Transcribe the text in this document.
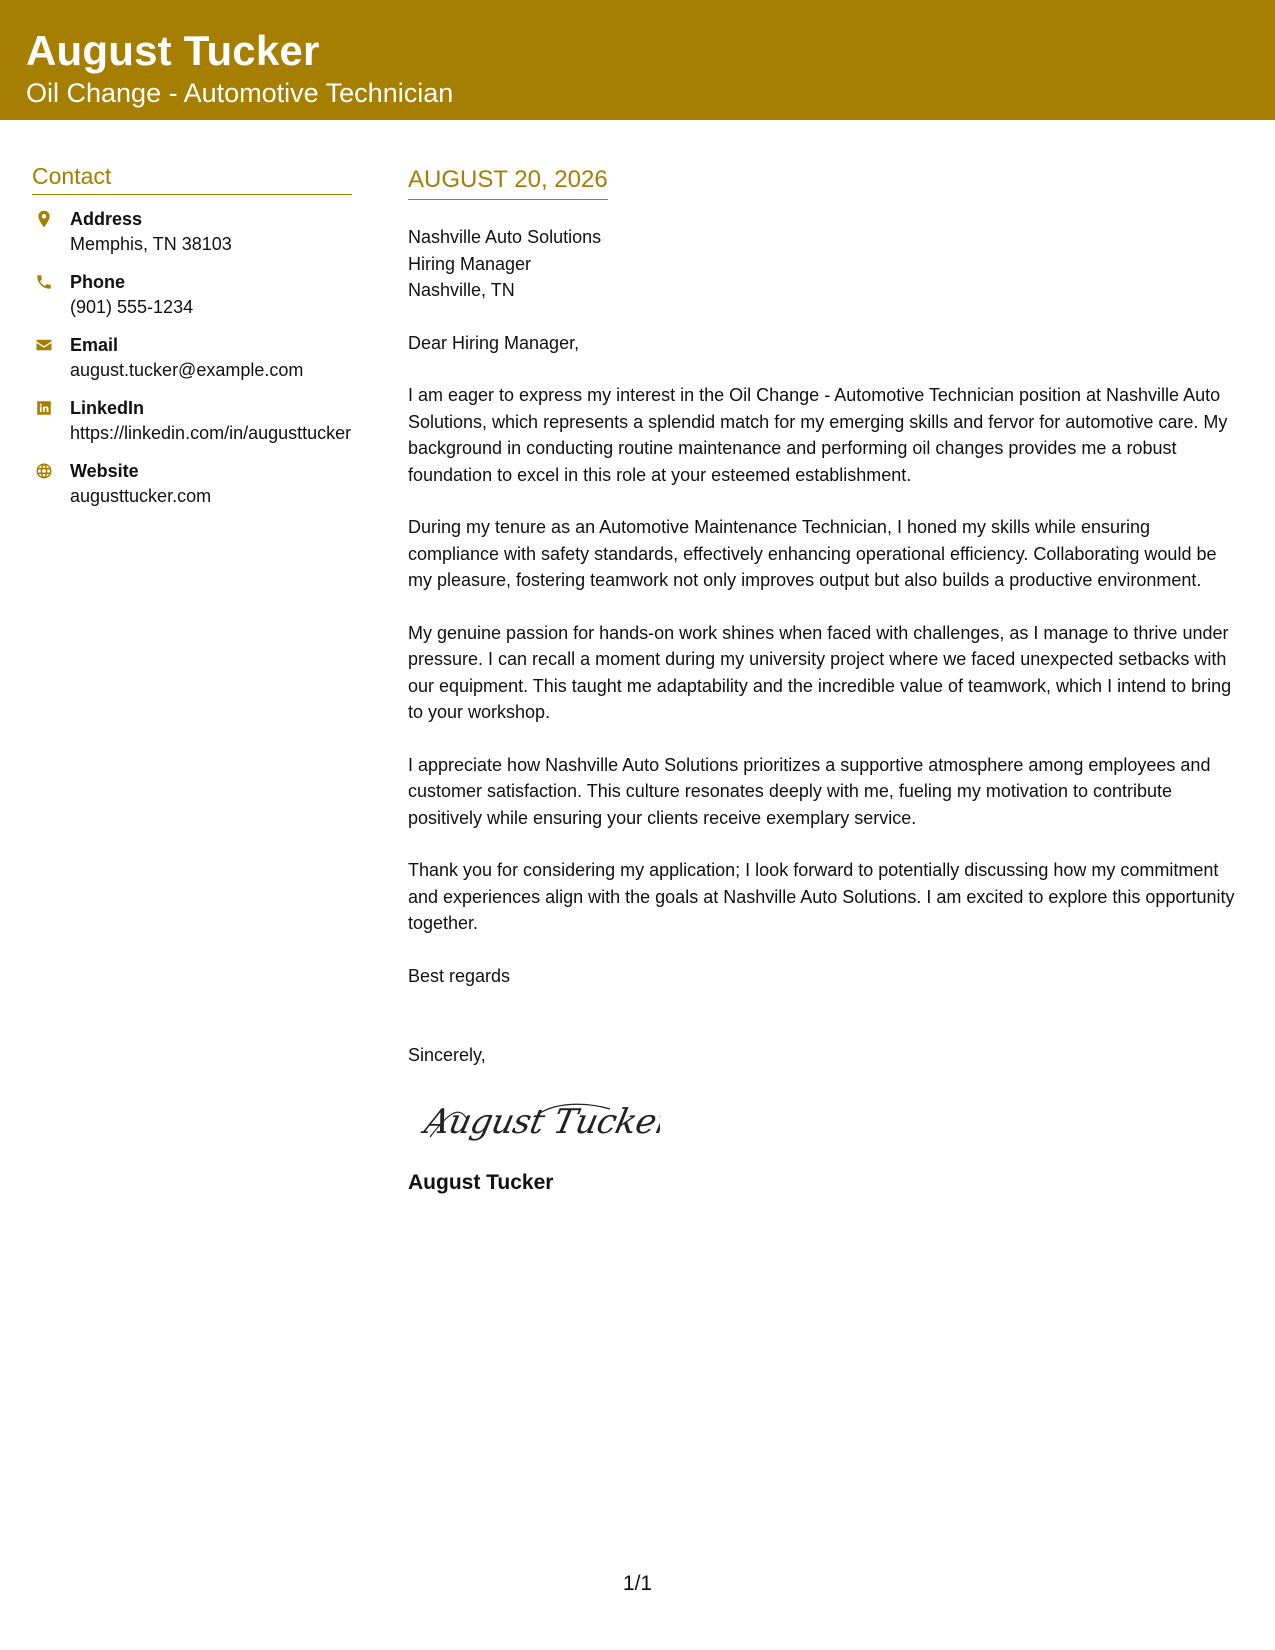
August Tucker
Oil Change - Automotive Technician
Contact
Address
Memphis, TN 38103
Phone
(901) 555-1234
Email
august.tucker@example.com
LinkedIn
https://linkedin.com/in/augusttucker
Website
augusttucker.com
AUGUST 20, 2026
Nashville Auto Solutions
Hiring Manager
Nashville, TN
Dear Hiring Manager,
I am eager to express my interest in the Oil Change - Automotive Technician position at Nashville Auto Solutions, which represents a splendid match for my emerging skills and fervor for automotive care. My background in conducting routine maintenance and performing oil changes provides me a robust foundation to excel in this role at your esteemed establishment.
During my tenure as an Automotive Maintenance Technician, I honed my skills while ensuring compliance with safety standards, effectively enhancing operational efficiency. Collaborating would be my pleasure, fostering teamwork not only improves output but also builds a productive environment.
My genuine passion for hands-on work shines when faced with challenges, as I manage to thrive under pressure. I can recall a moment during my university project where we faced unexpected setbacks with our equipment. This taught me adaptability and the incredible value of teamwork, which I intend to bring to your workshop.
I appreciate how Nashville Auto Solutions prioritizes a supportive atmosphere among employees and customer satisfaction. This culture resonates deeply with me, fueling my motivation to contribute positively while ensuring your clients receive exemplary service.
Thank you for considering my application; I look forward to potentially discussing how my commitment and experiences align with the goals at Nashville Auto Solutions. I am excited to explore this opportunity together.
Best regards
Sincerely,
August Tucker
August Tucker
1/1
